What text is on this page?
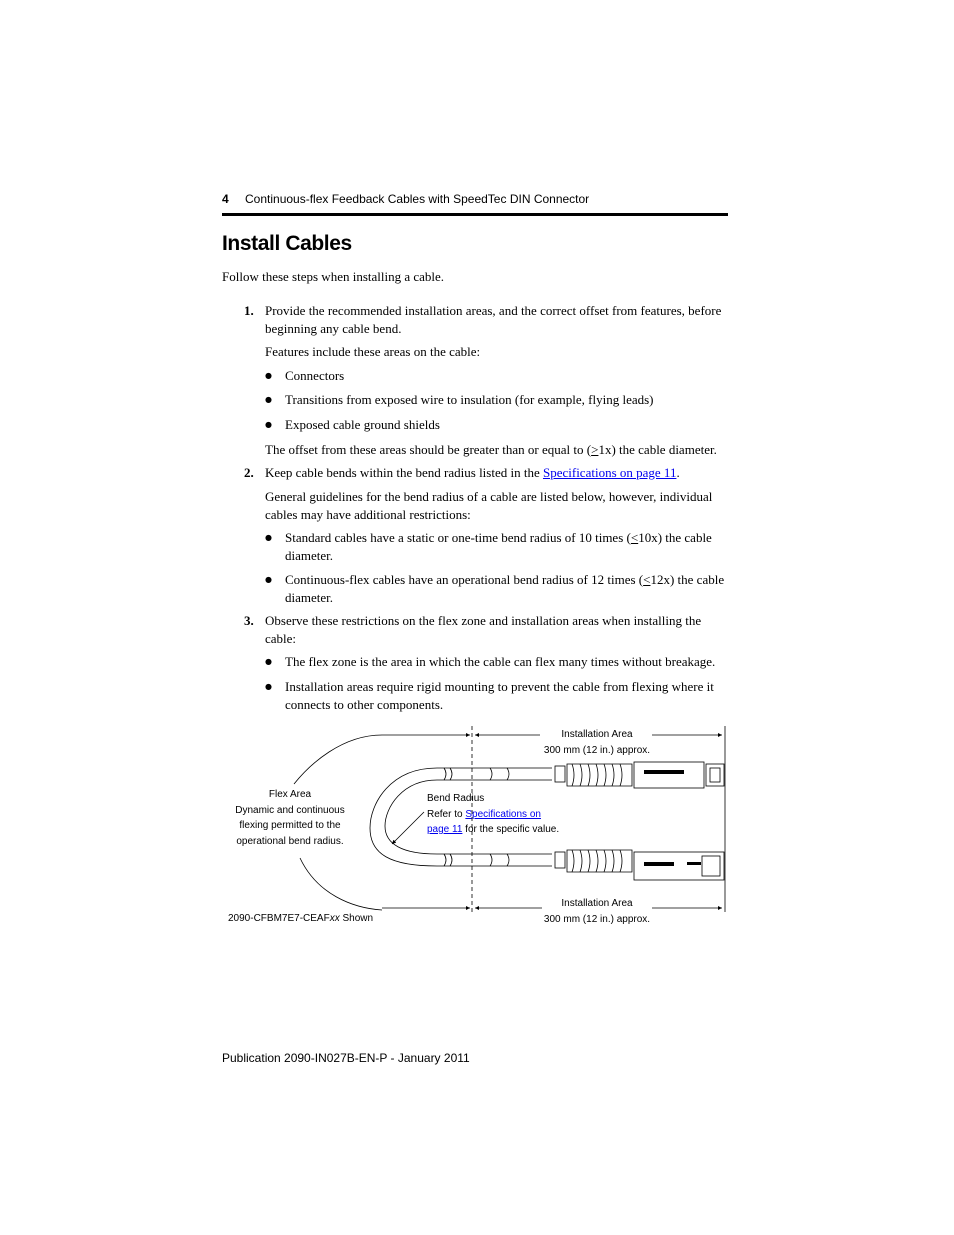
4 Continuous-flex Feedback Cables with SpeedTec DIN Connector
Install Cables
Follow these steps when installing a cable.
1. Provide the recommended installation areas, and the correct offset from features, before beginning any cable bend.
Features include these areas on the cable:
● Connectors
● Transitions from exposed wire to insulation (for example, flying leads)
● Exposed cable ground shields
The offset from these areas should be greater than or equal to (>1x) the cable diameter.
2. Keep cable bends within the bend radius listed in the Specifications on page 11.
General guidelines for the bend radius of a cable are listed below, however, individual cables may have additional restrictions:
● Standard cables have a static or one-time bend radius of 10 times (<10x) the cable diameter.
● Continuous-flex cables have an operational bend radius of 12 times (<12x) the cable diameter.
3. Observe these restrictions on the flex zone and installation areas when installing the cable:
● The flex zone is the area in which the cable can flex many times without breakage.
● Installation areas require rigid mounting to prevent the cable from flexing where it connects to other components.
Installation Area
300 mm (12 in.) approx.
Installation Area
300 mm (12 in.) approx.
Flex Area
Dynamic and continuous
flexing permitted to the
operational bend radius.
Bend Radius
Refer to Specifications on
page 11 for the specific value.
2090-CFBM7E7-CEAFxx Shown
Publication 2090-IN027B-EN-P - January 2011
